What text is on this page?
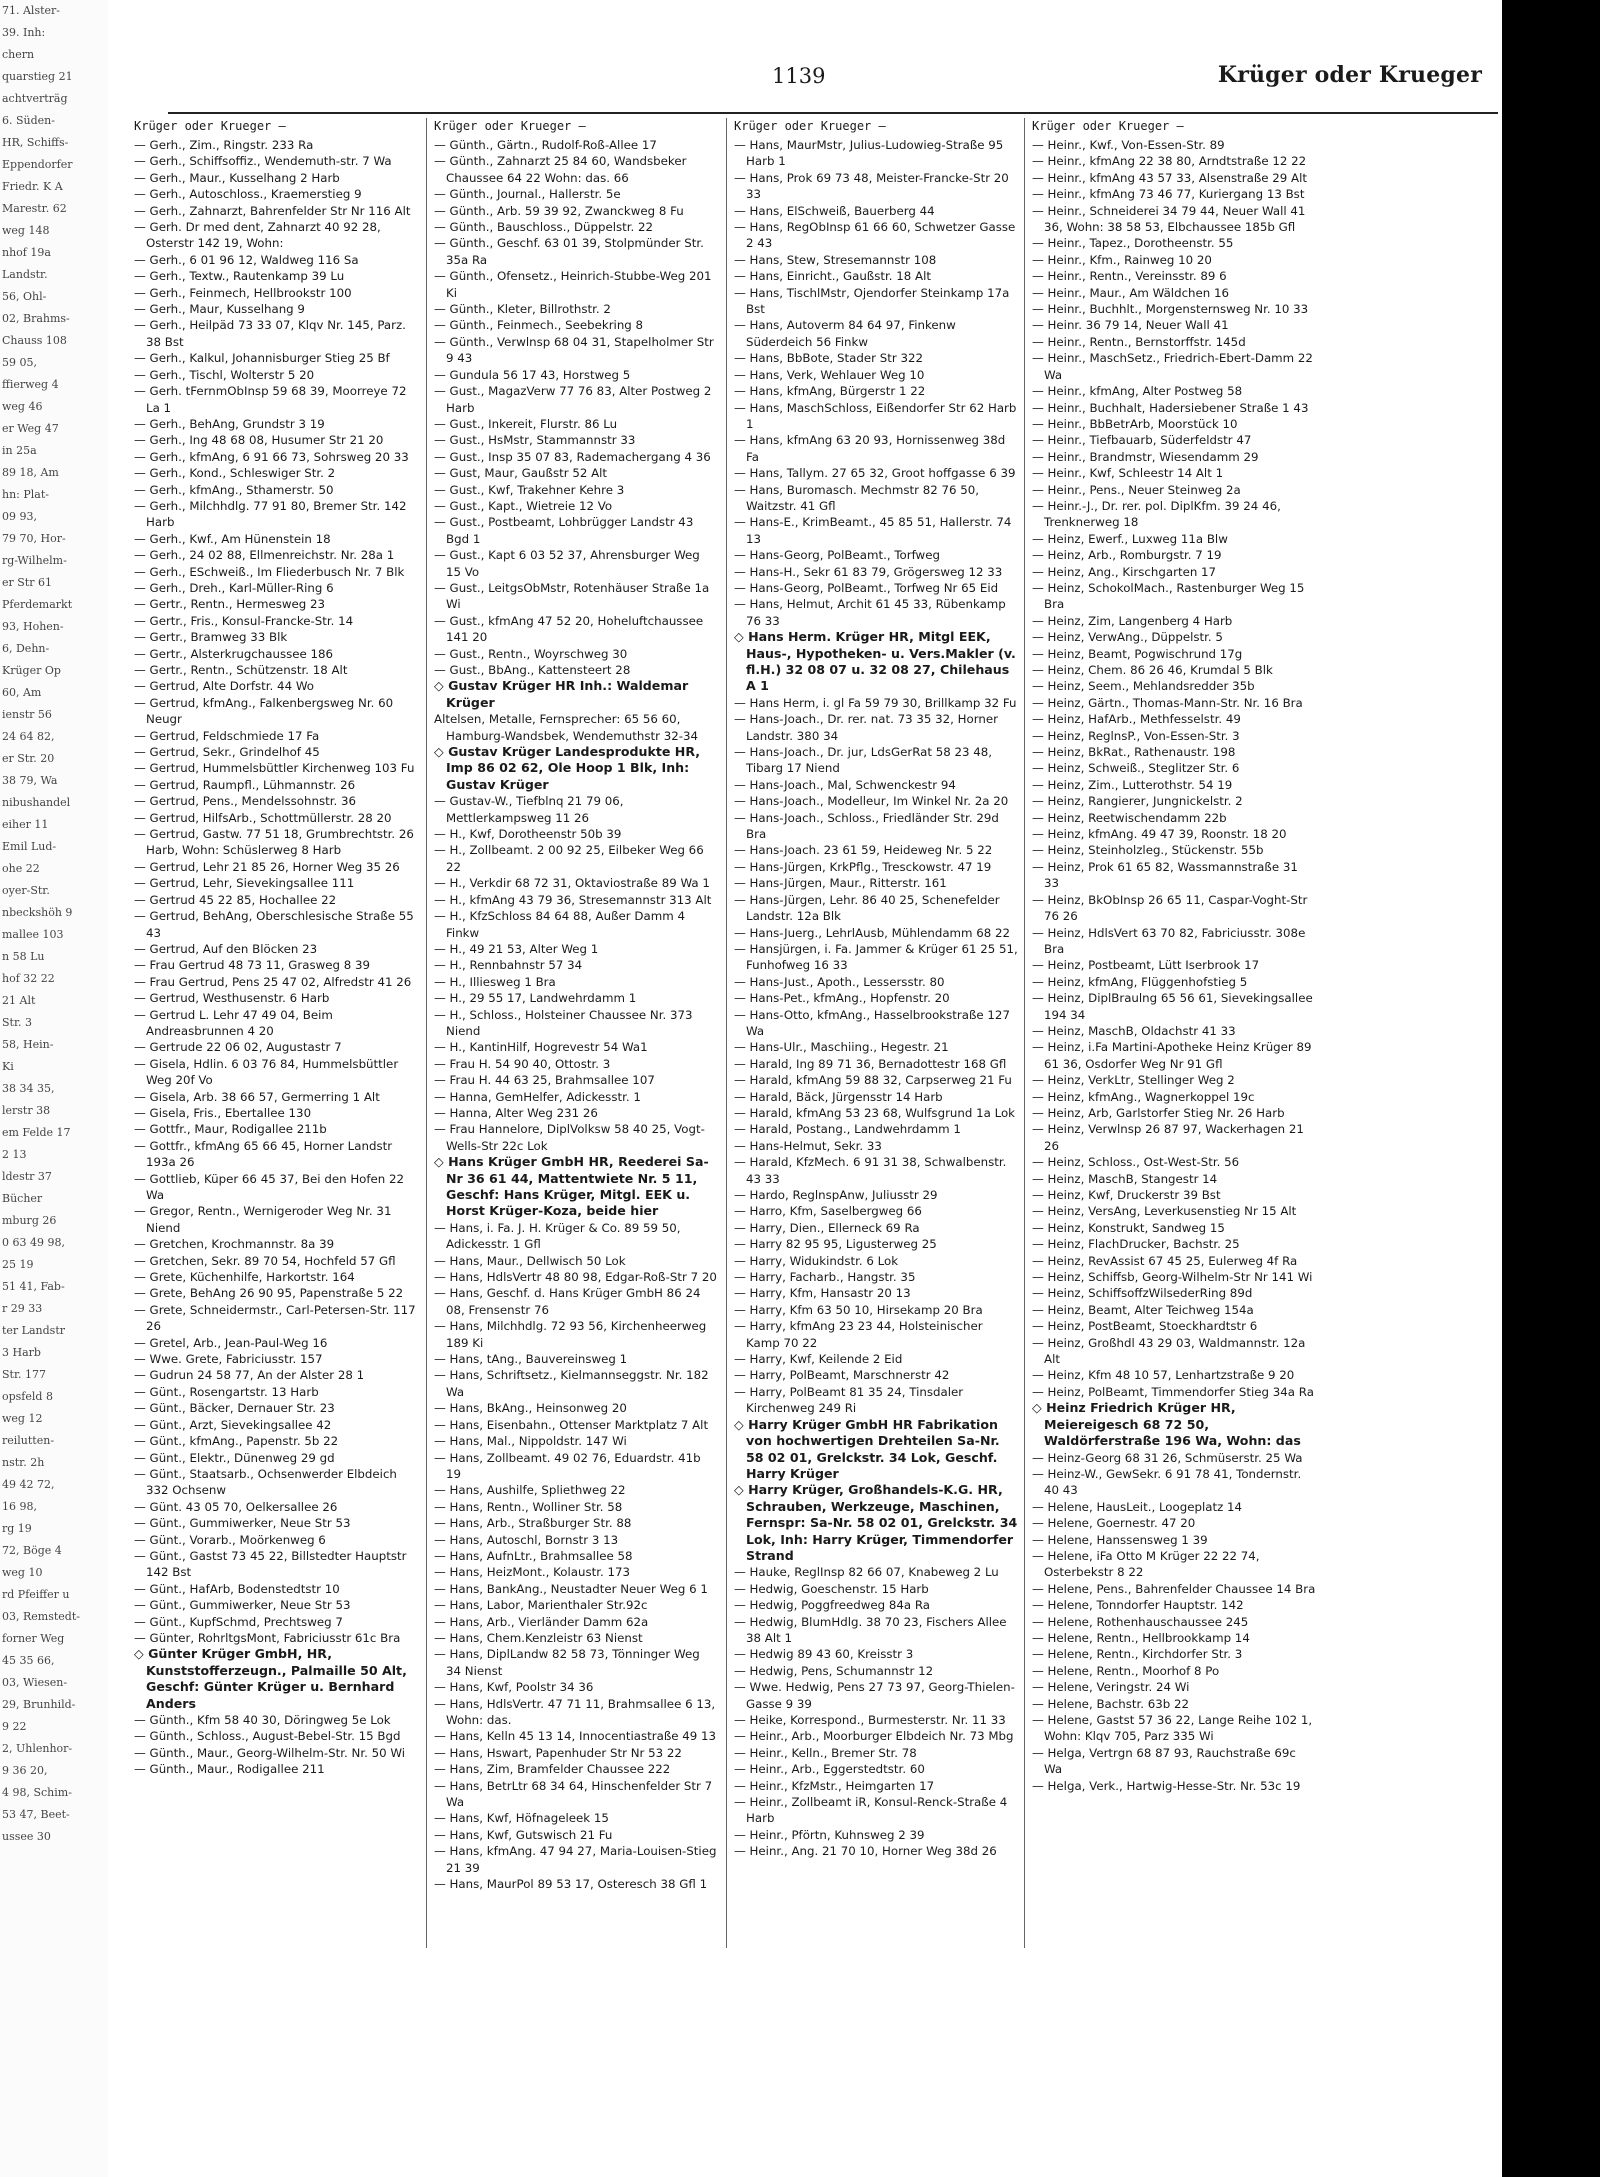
71. Alster-
39. Inh:
chern
quarstieg 21
achtverträg
6. Süden-
HR, Schiffs-
Eppendorfer
Friedr. K A
Marestr. 62
weg 148
nhof 19a
Landstr.
56, Ohl-
02, Brahms-
Chauss 108
59 05,
ffierweg 4
weg 46
er Weg 47
in 25a
89 18, Am
hn: Plat-
09 93,
79 70, Hor-
rg-Wilhelm-
er Str 61
Pferdemarkt
93, Hohen-
6, Dehn-
Krüger Op
60, Am
ienstr 56
24 64 82,
er Str. 20
38 79, Wa
nibushandel
eiher 11
Emil Lud-
ohe 22
oyer-Str.
nbeckshöh 9
mallee 103
n 58 Lu
hof 32 22
21 Alt
Str. 3
58, Hein-
Ki
38 34 35,
lerstr 38
em Felde 17
2 13
ldestr 37
Bücher
mburg 26
0 63 49 98,
25 19
51 41, Fab-
r 29 33
ter Landstr
3 Harb
Str. 177
opsfeld 8
weg 12
reilutten-
nstr. 2h
49 42 72,
16 98,
rg 19
72, Böge 4
weg 10
rd Pfeiffer u
03, Remstedt-
forner Weg
45 35 66,
03, Wiesen-
29, Brunhild-
9 22
2, Uhlenhor-
9 36 20,
4 98, Schim-
53 47, Beet-
ussee 30
1139	Krüger oder Krueger
Krüger oder Krueger —

— Gerh., Zim., Ringstr. 233 Ra

— Gerh., Schiffsoffiz., Wendemuth-str. 7 Wa

— Gerh., Maur., Kusselhang 2 Harb

— Gerh., Autoschloss., Kraemerstieg 9

— Gerh., Zahnarzt, Bahrenfelder Str Nr 116 Alt

— Gerh. Dr med dent, Zahnarzt 40 92 28, Osterstr 142 19, Wohn:

— Gerh., 6 01 96 12, Waldweg 116 Sa

— Gerh., Textw., Rautenkamp 39 Lu

— Gerh., Feinmech, Hellbrookstr 100

— Gerh., Maur, Kusselhang 9

— Gerh., Heilpäd 73 33 07, Klqv Nr. 145, Parz. 38 Bst

— Gerh., Kalkul, Johannisburger Stieg 25 Bf

— Gerh., Tischl, Wolterstr 5 20

— Gerh. tFernmObInsp 59 68 39, Moorreye 72 La 1

— Gerh., BehAng, Grundstr 3 19

— Gerh., Ing 48 68 08, Husumer Str 21 20

— Gerh., kfmAng, 6 91 66 73, Sohrsweg 20 33

— Gerh., Kond., Schleswiger Str. 2

— Gerh., kfmAng., Sthamerstr. 50

— Gerh., Milchhdlg. 77 91 80, Bremer Str. 142 Harb

— Gerh., Kwf., Am Hünenstein 18

— Gerh., 24 02 88, Ellmenreichstr. Nr. 28a 1

— Gerh., ESchweiß., Im Fliederbusch Nr. 7 Blk

— Gerh., Dreh., Karl-Müller-Ring 6

— Gertr., Rentn., Hermesweg 23

— Gertr., Fris., Konsul-Francke-Str. 14

— Gertr., Bramweg 33 Blk

— Gertr., Alsterkrugchaussee 186

— Gertr., Rentn., Schützenstr. 18 Alt

— Gertrud, Alte Dorfstr. 44 Wo

— Gertrud, kfmAng., Falkenbergsweg Nr. 60 Neugr

— Gertrud, Feldschmiede 17 Fa

— Gertrud, Sekr., Grindelhof 45

— Gertrud, Hummelsbüttler Kirchenweg 103 Fu

— Gertrud, Raumpfl., Lühmannstr. 26

— Gertrud, Pens., Mendelssohnstr. 36

— Gertrud, HilfsArb., Schottmüllerstr. 28 20

— Gertrud, Gastw. 77 51 18, Grumbrechtstr. 26 Harb, Wohn: Schüslerweg 8 Harb

— Gertrud, Lehr 21 85 26, Horner Weg 35 26

— Gertrud, Lehr, Sievekingsallee 111

— Gertrud 45 22 85, Hochallee 22

— Gertrud, BehAng, Oberschlesische Straße 55 43

— Gertrud, Auf den Blöcken 23

— Frau Gertrud 48 73 11, Grasweg 8 39

— Frau Gertrud, Pens 25 47 02, Alfredstr 41 26

— Gertrud, Westhusenstr. 6 Harb

— Gertrud L. Lehr 47 49 04, Beim Andreasbrunnen 4 20

— Gertrude 22 06 02, Augustastr 7

— Gisela, Hdlin. 6 03 76 84, Hummelsbüttler Weg 20f Vo

— Gisela, Arb. 38 66 57, Germerring 1 Alt

— Gisela, Fris., Ebertallee 130

— Gottfr., Maur, Rodigallee 211b

— Gottfr., kfmAng 65 66 45, Horner Landstr 193a 26

— Gottlieb, Küper 66 45 37, Bei den Hofen 22 Wa

— Gregor, Rentn., Wernigeroder Weg Nr. 31 Niend

— Gretchen, Krochmannstr. 8a 39

— Gretchen, Sekr. 89 70 54, Hochfeld 57 Gfl

— Grete, Küchenhilfe, Harkortstr. 164

— Grete, BehAng 26 90 95, Papenstraße 5 22

— Grete, Schneidermstr., Carl-Petersen-Str. 117 26

— Gretel, Arb., Jean-Paul-Weg 16

— Wwe. Grete, Fabriciusstr. 157

— Gudrun 24 58 77, An der Alster 28 1

— Günt., Rosengartstr. 13 Harb

— Günt., Bäcker, Dernauer Str. 23

— Günt., Arzt, Sievekingsallee 42

— Günt., kfmAng., Papenstr. 5b 22

— Günt., Elektr., Dünenweg 29 gd

— Günt., Staatsarb., Ochsenwerder Elbdeich 332 Ochsenw

— Günt. 43 05 70, Oelkersallee 26

— Günt., Gummiwerker, Neue Str 53

— Günt., Vorarb., Moörkenweg 6

— Günt., Gastst 73 45 22, Billstedter Hauptstr 142 Bst

— Günt., HafArb, Bodenstedtstr 10

— Günt., Gummiwerker, Neue Str 53

— Günt., KupfSchmd, Prechtsweg 7

— Günter, RohrltgsMont, Fabriciusstr 61c Bra

◇ Günter Krüger GmbH, HR, Kunststofferzeugn., Palmaille 50 Alt, Geschf: Günter Krüger u. Bernhard Anders

— Günth., Kfm 58 40 30, Döringweg 5e Lok

— Günth., Schloss., August-Bebel-Str. 15 Bgd

— Günth., Maur., Georg-Wilhelm-Str. Nr. 50 Wi

— Günth., Maur., Rodigallee 211

Krüger oder Krueger —

— Günth., Gärtn., Rudolf-Roß-Allee 17

— Günth., Zahnarzt 25 84 60, Wandsbeker Chaussee 64 22 Wohn: das. 66

— Günth., Journal., Hallerstr. 5e

— Günth., Arb. 59 39 92, Zwanckweg 8 Fu

— Günth., Bauschloss., Düppelstr. 22

— Günth., Geschf. 63 01 39, Stolpmünder Str. 35a Ra

— Günth., Ofensetz., Heinrich-Stubbe-Weg 201 Ki

— Günth., Kleter, Billrothstr. 2

— Günth., Feinmech., Seebekring 8

— Günth., Verwlnsp 68 04 31, Stapelholmer Str 9 43

— Gundula 56 17 43, Horstweg 5

— Gust., MagazVerw 77 76 83, Alter Postweg 2 Harb

— Gust., Inkereit, Flurstr. 86 Lu

— Gust., HsMstr, Stammannstr 33

— Gust., Insp 35 07 83, Rademachergang 4 36

— Gust, Maur, Gaußstr 52 Alt

— Gust., Kwf, Trakehner Kehre 3

— Gust., Kapt., Wietreie 12 Vo

— Gust., Postbeamt, Lohbrügger Landstr 43 Bgd 1

— Gust., Kapt 6 03 52 37, Ahrensburger Weg 15 Vo

— Gust., LeitgsObMstr, Rotenhäuser Straße 1a Wi

— Gust., kfmAng 47 52 20, Hoheluftchaussee 141 20

— Gust., Rentn., Woyrschweg 30

— Gust., BbAng., Kattensteert 28

◇ Gustav Krüger HR Inh.: Waldemar Krüger

Altelsen, Metalle, Fernsprecher: 65 56 60, Hamburg-Wandsbek, Wendemuthstr 32-34

◇ Gustav Krüger Landesprodukte HR, Imp 86 02 62, Ole Hoop 1 Blk, Inh: Gustav Krüger

— Gustav-W., Tiefblnq 21 79 06, Mettlerkampsweg 11 26

— H., Kwf, Dorotheenstr 50b 39

— H., Zollbeamt. 2 00 92 25, Eilbeker Weg 66 22

— H., Verkdir 68 72 31, Oktaviostraße 89 Wa 1

— H., kfmAng 43 79 36, Stresemannstr 313 Alt

— H., KfzSchloss 84 64 88, Außer Damm 4 Finkw

— H., 49 21 53, Alter Weg 1

— H., Rennbahnstr 57 34

— H., Illiesweg 1 Bra

— H., 29 55 17, Landwehrdamm 1

— H., Schloss., Holsteiner Chaussee Nr. 373 Niend

— H., KantinHilf, Hogrevestr 54 Wa1

— Frau H. 54 90 40, Ottostr. 3

— Frau H. 44 63 25, Brahmsallee 107

— Hanna, GemHelfer, Adickesstr. 1

— Hanna, Alter Weg 231 26

— Frau Hannelore, DiplVolksw 58 40 25, Vogt-Wells-Str 22c Lok

◇ Hans Krüger GmbH HR, Reederei Sa-Nr 36 61 44, Mattentwiete Nr. 5 11, Geschf: Hans Krüger, Mitgl. EEK u. Horst Krüger-Koza, beide hier

— Hans, i. Fa. J. H. Krüger & Co. 89 59 50, Adickesstr. 1 Gfl

— Hans, Maur., Dellwisch 50 Lok

— Hans, HdlsVertr 48 80 98, Edgar-Roß-Str 7 20

— Hans, Geschf. d. Hans Krüger GmbH 86 24 08, Frensenstr 76

— Hans, Milchhdlg. 72 93 56, Kirchenheerweg 189 Ki

— Hans, tAng., Bauvereinsweg 1

— Hans, Schriftsetz., Kielmannseggstr. Nr. 182 Wa

— Hans, BkAng., Heinsonweg 20

— Hans, Eisenbahn., Ottenser Marktplatz 7 Alt

— Hans, Mal., Nippoldstr. 147 Wi

— Hans, Zollbeamt. 49 02 76, Eduardstr. 41b 19

— Hans, Aushilfe, Spliethweg 22

— Hans, Rentn., Wolliner Str. 58

— Hans, Arb., Straßburger Str. 88

— Hans, Autoschl, Bornstr 3 13

— Hans, AufnLtr., Brahmsallee 58

— Hans, HeizMont., Kolaustr. 173

— Hans, BankAng., Neustadter Neuer Weg 6 1

— Hans, Labor, Marienthaler Str.92c

— Hans, Arb., Vierländer Damm 62a

— Hans, Chem.Kenzleistr 63 Nienst

— Hans, DiplLandw 82 58 73, Tönninger Weg 34 Nienst

— Hans, Kwf, Poolstr 34 36

— Hans, HdlsVertr. 47 71 11, Brahmsallee 6 13, Wohn: das.

— Hans, Kelln 45 13 14, Innocentiastraße 49 13

— Hans, Hswart, Papenhuder Str Nr 53 22

— Hans, Zim, Bramfelder Chaussee 222

— Hans, BetrLtr 68 34 64, Hinschenfelder Str 7 Wa

— Hans, Kwf, Höfnageleek 15

— Hans, Kwf, Gutswisch 21 Fu

— Hans, kfmAng. 47 94 27, Maria-Louisen-Stieg 21 39

— Hans, MaurPol 89 53 17, Osteresch 38 Gfl 1

Krüger oder Krueger —

— Hans, MaurMstr, Julius-Ludowieg-Straße 95 Harb 1

— Hans, Prok 69 73 48, Meister-Francke-Str 20 33

— Hans, ElSchweiß, Bauerberg 44

— Hans, RegObInsp 61 66 60, Schwetzer Gasse 2 43

— Hans, Stew, Stresemannstr 108

— Hans, Einricht., Gaußstr. 18 Alt

— Hans, TischlMstr, Ojendorfer Steinkamp 17a Bst

— Hans, Autoverm 84 64 97, Finkenw Süderdeich 56 Finkw

— Hans, BbBote, Stader Str 322

— Hans, Verk, Wehlauer Weg 10

— Hans, kfmAng, Bürgerstr 1 22

— Hans, MaschSchloss, Eißendorfer Str 62 Harb 1

— Hans, kfmAng 63 20 93, Hornissenweg 38d Fa

— Hans, Tallym. 27 65 32, Groot hoffgasse 6 39

— Hans, Buromasch. Mechmstr 82 76 50, Waitzstr. 41 Gfl

— Hans-E., KrimBeamt., 45 85 51, Hallerstr. 74 13

— Hans-Georg, PolBeamt., Torfweg

— Hans-H., Sekr 61 83 79, Grögersweg 12 33

— Hans-Georg, PolBeamt., Torfweg Nr 65 Eid

— Hans, Helmut, Archit 61 45 33, Rübenkamp 76 33

◇ Hans Herm. Krüger HR, Mitgl EEK, Haus-, Hypotheken- u. Vers.Makler (v. fl.H.) 32 08 07 u. 32 08 27, Chilehaus A 1

— Hans Herm, i. gl Fa 59 79 30, Brillkamp 32 Fu

— Hans-Joach., Dr. rer. nat. 73 35 32, Horner Landstr. 380 34

— Hans-Joach., Dr. jur, LdsGerRat 58 23 48, Tibarg 17 Niend

— Hans-Joach., Mal, Schwenckestr 94

— Hans-Joach., Modelleur, Im Winkel Nr. 2a 20

— Hans-Joach., Schloss., Friedländer Str. 29d Bra

— Hans-Joach. 23 61 59, Heideweg Nr. 5 22

— Hans-Jürgen, KrkPflg., Tresckowstr. 47 19

— Hans-Jürgen, Maur., Ritterstr. 161

— Hans-Jürgen, Lehr. 86 40 25, Schenefelder Landstr. 12a Blk

— Hans-Juerg., LehrlAusb, Mühlendamm 68 22

— Hansjürgen, i. Fa. Jammer & Krüger 61 25 51, Funhofweg 16 33

— Hans-Just., Apoth., Lessersstr. 80

— Hans-Pet., kfmAng., Hopfenstr. 20

— Hans-Otto, kfmAng., Hasselbrookstraße 127 Wa

— Hans-Ulr., Maschiing., Hegestr. 21

— Harald, Ing 89 71 36, Bernadottestr 168 Gfl

— Harald, kfmAng 59 88 32, Carpserweg 21 Fu

— Harald, Bäck, Jürgensstr 14 Harb

— Harald, kfmAng 53 23 68, Wulfsgrund 1a Lok

— Harald, Postang., Landwehrdamm 1

— Hans-Helmut, Sekr. 33

— Harald, KfzMech. 6 91 31 38, Schwalbenstr. 43 33

— Hardo, ReglnspAnw, Juliusstr 29

— Harro, Kfm, Saselbergweg 66

— Harry, Dien., Ellerneck 69 Ra

— Harry 82 95 95, Ligusterweg 25

— Harry, Widukindstr. 6 Lok

— Harry, Facharb., Hangstr. 35

— Harry, Kfm, Hansastr 20 13

— Harry, Kfm 63 50 10, Hirsekamp 20 Bra

— Harry, kfmAng 23 23 44, Holsteinischer Kamp 70 22

— Harry, Kwf, Keilende 2 Eid

— Harry, PolBeamt, Marschnerstr 42

— Harry, PolBeamt 81 35 24, Tinsdaler Kirchenweg 249 Ri

◇ Harry Krüger GmbH HR Fabrikation von hochwertigen Drehteilen Sa-Nr. 58 02 01, Grelckstr. 34 Lok, Geschf. Harry Krüger

◇ Harry Krüger, Großhandels-K.G. HR, Schrauben, Werkzeuge, Maschinen, Fernspr: Sa-Nr. 58 02 01, Grelckstr. 34 Lok, Inh: Harry Krüger, Timmendorfer Strand

— Hauke, ReglInsp 82 66 07, Knabeweg 2 Lu

— Hedwig, Goeschenstr. 15 Harb

— Hedwig, Poggfreedweg 84a Ra

— Hedwig, BlumHdlg. 38 70 23, Fischers Allee 38 Alt 1

— Hedwig 89 43 60, Kreisstr 3

— Hedwig, Pens, Schumannstr 12

— Wwe. Hedwig, Pens 27 73 97, Georg-Thielen-Gasse 9 39

— Heike, Korrespond., Burmesterstr. Nr. 11 33

— Heinr., Arb., Moorburger Elbdeich Nr. 73 Mbg

— Heinr., Kelln., Bremer Str. 78

— Heinr., Arb., Eggerstedtstr. 60

— Heinr., KfzMstr., Heimgarten 17

— Heinr., Zollbeamt iR, Konsul-Renck-Straße 4 Harb

— Heinr., Pförtn, Kuhnsweg 2 39

— Heinr., Ang. 21 70 10, Horner Weg 38d 26

Krüger oder Krueger —

— Heinr., Kwf., Von-Essen-Str. 89

— Heinr., kfmAng 22 38 80, Arndtstraße 12 22

— Heinr., kfmAng 43 57 33, Alsenstraße 29 Alt

— Heinr., kfmAng 73 46 77, Kuriergang 13 Bst

— Heinr., Schneiderei 34 79 44, Neuer Wall 41 36, Wohn: 38 58 53, Elbchaussee 185b Gfl

— Heinr., Tapez., Dorotheenstr. 55

— Heinr., Kfm., Rainweg 10 20

— Heinr., Rentn., Vereinsstr. 89 6

— Heinr., Maur., Am Wäldchen 16

— Heinr., Buchhlt., Morgensternsweg Nr. 10 33

— Heinr. 36 79 14, Neuer Wall 41

— Heinr., Rentn., Bernstorffstr. 145d

— Heinr., MaschSetz., Friedrich-Ebert-Damm 22 Wa

— Heinr., kfmAng, Alter Postweg 58

— Heinr., Buchhalt, Hadersiebener Straße 1 43

— Heinr., BbBetrArb, Moorstück 10

— Heinr., Tiefbauarb, Süderfeldstr 47

— Heinr., Brandmstr, Wiesendamm 29

— Heinr., Kwf, Schleestr 14 Alt 1

— Heinr., Pens., Neuer Steinweg 2a

— Heinr.-J., Dr. rer. pol. DiplKfm. 39 24 46, Trenknerweg 18

— Heinz, Ewerf., Luxweg 11a Blw

— Heinz, Arb., Romburgstr. 7 19

— Heinz, Ang., Kirschgarten 17

— Heinz, SchokolMach., Rastenburger Weg 15 Bra

— Heinz, Zim, Langenberg 4 Harb

— Heinz, VerwAng., Düppelstr. 5

— Heinz, Beamt, Pogwischrund 17g

— Heinz, Chem. 86 26 46, Krumdal 5 Blk

— Heinz, Seem., Mehlandsredder 35b

— Heinz, Gärtn., Thomas-Mann-Str. Nr. 16 Bra

— Heinz, HafArb., Methfesselstr. 49

— Heinz, ReglnsP., Von-Essen-Str. 3

— Heinz, BkRat., Rathenaustr. 198

— Heinz, Schweiß., Steglitzer Str. 6

— Heinz, Zim., Lutterothstr. 54 19

— Heinz, Rangierer, Jungnickelstr. 2

— Heinz, Reetwischendamm 22b

— Heinz, kfmAng. 49 47 39, Roonstr. 18 20

— Heinz, Steinholzleg., Stückenstr. 55b

— Heinz, Prok 61 65 82, Wassmannstraße 31 33

— Heinz, BkObInsp 26 65 11, Caspar-Voght-Str 76 26

— Heinz, HdlsVert 63 70 82, Fabriciusstr. 308e Bra

— Heinz, Postbeamt, Lütt Iserbrook 17

— Heinz, kfmAng, Flüggenhofstieg 5

— Heinz, DiplBraulng 65 56 61, Sievekingsallee 194 34

— Heinz, MaschB, Oldachstr 41 33

— Heinz, i.Fa Martini-Apotheke Heinz Krüger 89 61 36, Osdorfer Weg Nr 91 Gfl

— Heinz, VerkLtr, Stellinger Weg 2

— Heinz, kfmAng., Wagnerkoppel 19c

— Heinz, Arb, Garlstorfer Stieg Nr. 26 Harb

— Heinz, Verwlnsp 26 87 97, Wackerhagen 21 26

— Heinz, Schloss., Ost-West-Str. 56

— Heinz, MaschB, Stangestr 14

— Heinz, Kwf, Druckerstr 39 Bst

— Heinz, VersAng, Leverkusenstieg Nr 15 Alt

— Heinz, Konstrukt, Sandweg 15

— Heinz, FlachDrucker, Bachstr. 25

— Heinz, RevAssist 67 45 25, Eulerweg 4f Ra

— Heinz, Schiffsb, Georg-Wilhelm-Str Nr 141 Wi

— Heinz, SchiffsoffzWilsederRing 89d

— Heinz, Beamt, Alter Teichweg 154a

— Heinz, PostBeamt, Stoeckhardtstr 6

— Heinz, Großhdl 43 29 03, Waldmannstr. 12a Alt

— Heinz, Kfm 48 10 57, Lenhartzstraße 9 20

— Heinz, PolBeamt, Timmendorfer Stieg 34a Ra

◇ Heinz Friedrich Krüger HR, Meiereigesch 68 72 50, Waldörferstraße 196 Wa, Wohn: das

— Heinz-Georg 68 31 26, Schmüserstr. 25 Wa

— Heinz-W., GewSekr. 6 91 78 41, Tondernstr. 40 43

— Helene, HausLeit., Loogeplatz 14

— Helene, Goernestr. 47 20

— Helene, Hanssensweg 1 39

— Helene, iFa Otto M Krüger 22 22 74, Osterbekstr 8 22

— Helene, Pens., Bahrenfelder Chaussee 14 Bra

— Helene, Tonndorfer Hauptstr. 142

— Helene, Rothenhauschaussee 245

— Helene, Rentn., Hellbrookkamp 14

— Helene, Rentn., Kirchdorfer Str. 3

— Helene, Rentn., Moorhof 8 Po

— Helene, Veringstr. 24 Wi

— Helene, Bachstr. 63b 22

— Helene, Gastst 57 36 22, Lange Reihe 102 1, Wohn: Klqv 705, Parz 335 Wi

— Helga, Vertrgn 68 87 93, Rauchstraße 69c Wa

— Helga, Verk., Hartwig-Hesse-Str. Nr. 53c 19
